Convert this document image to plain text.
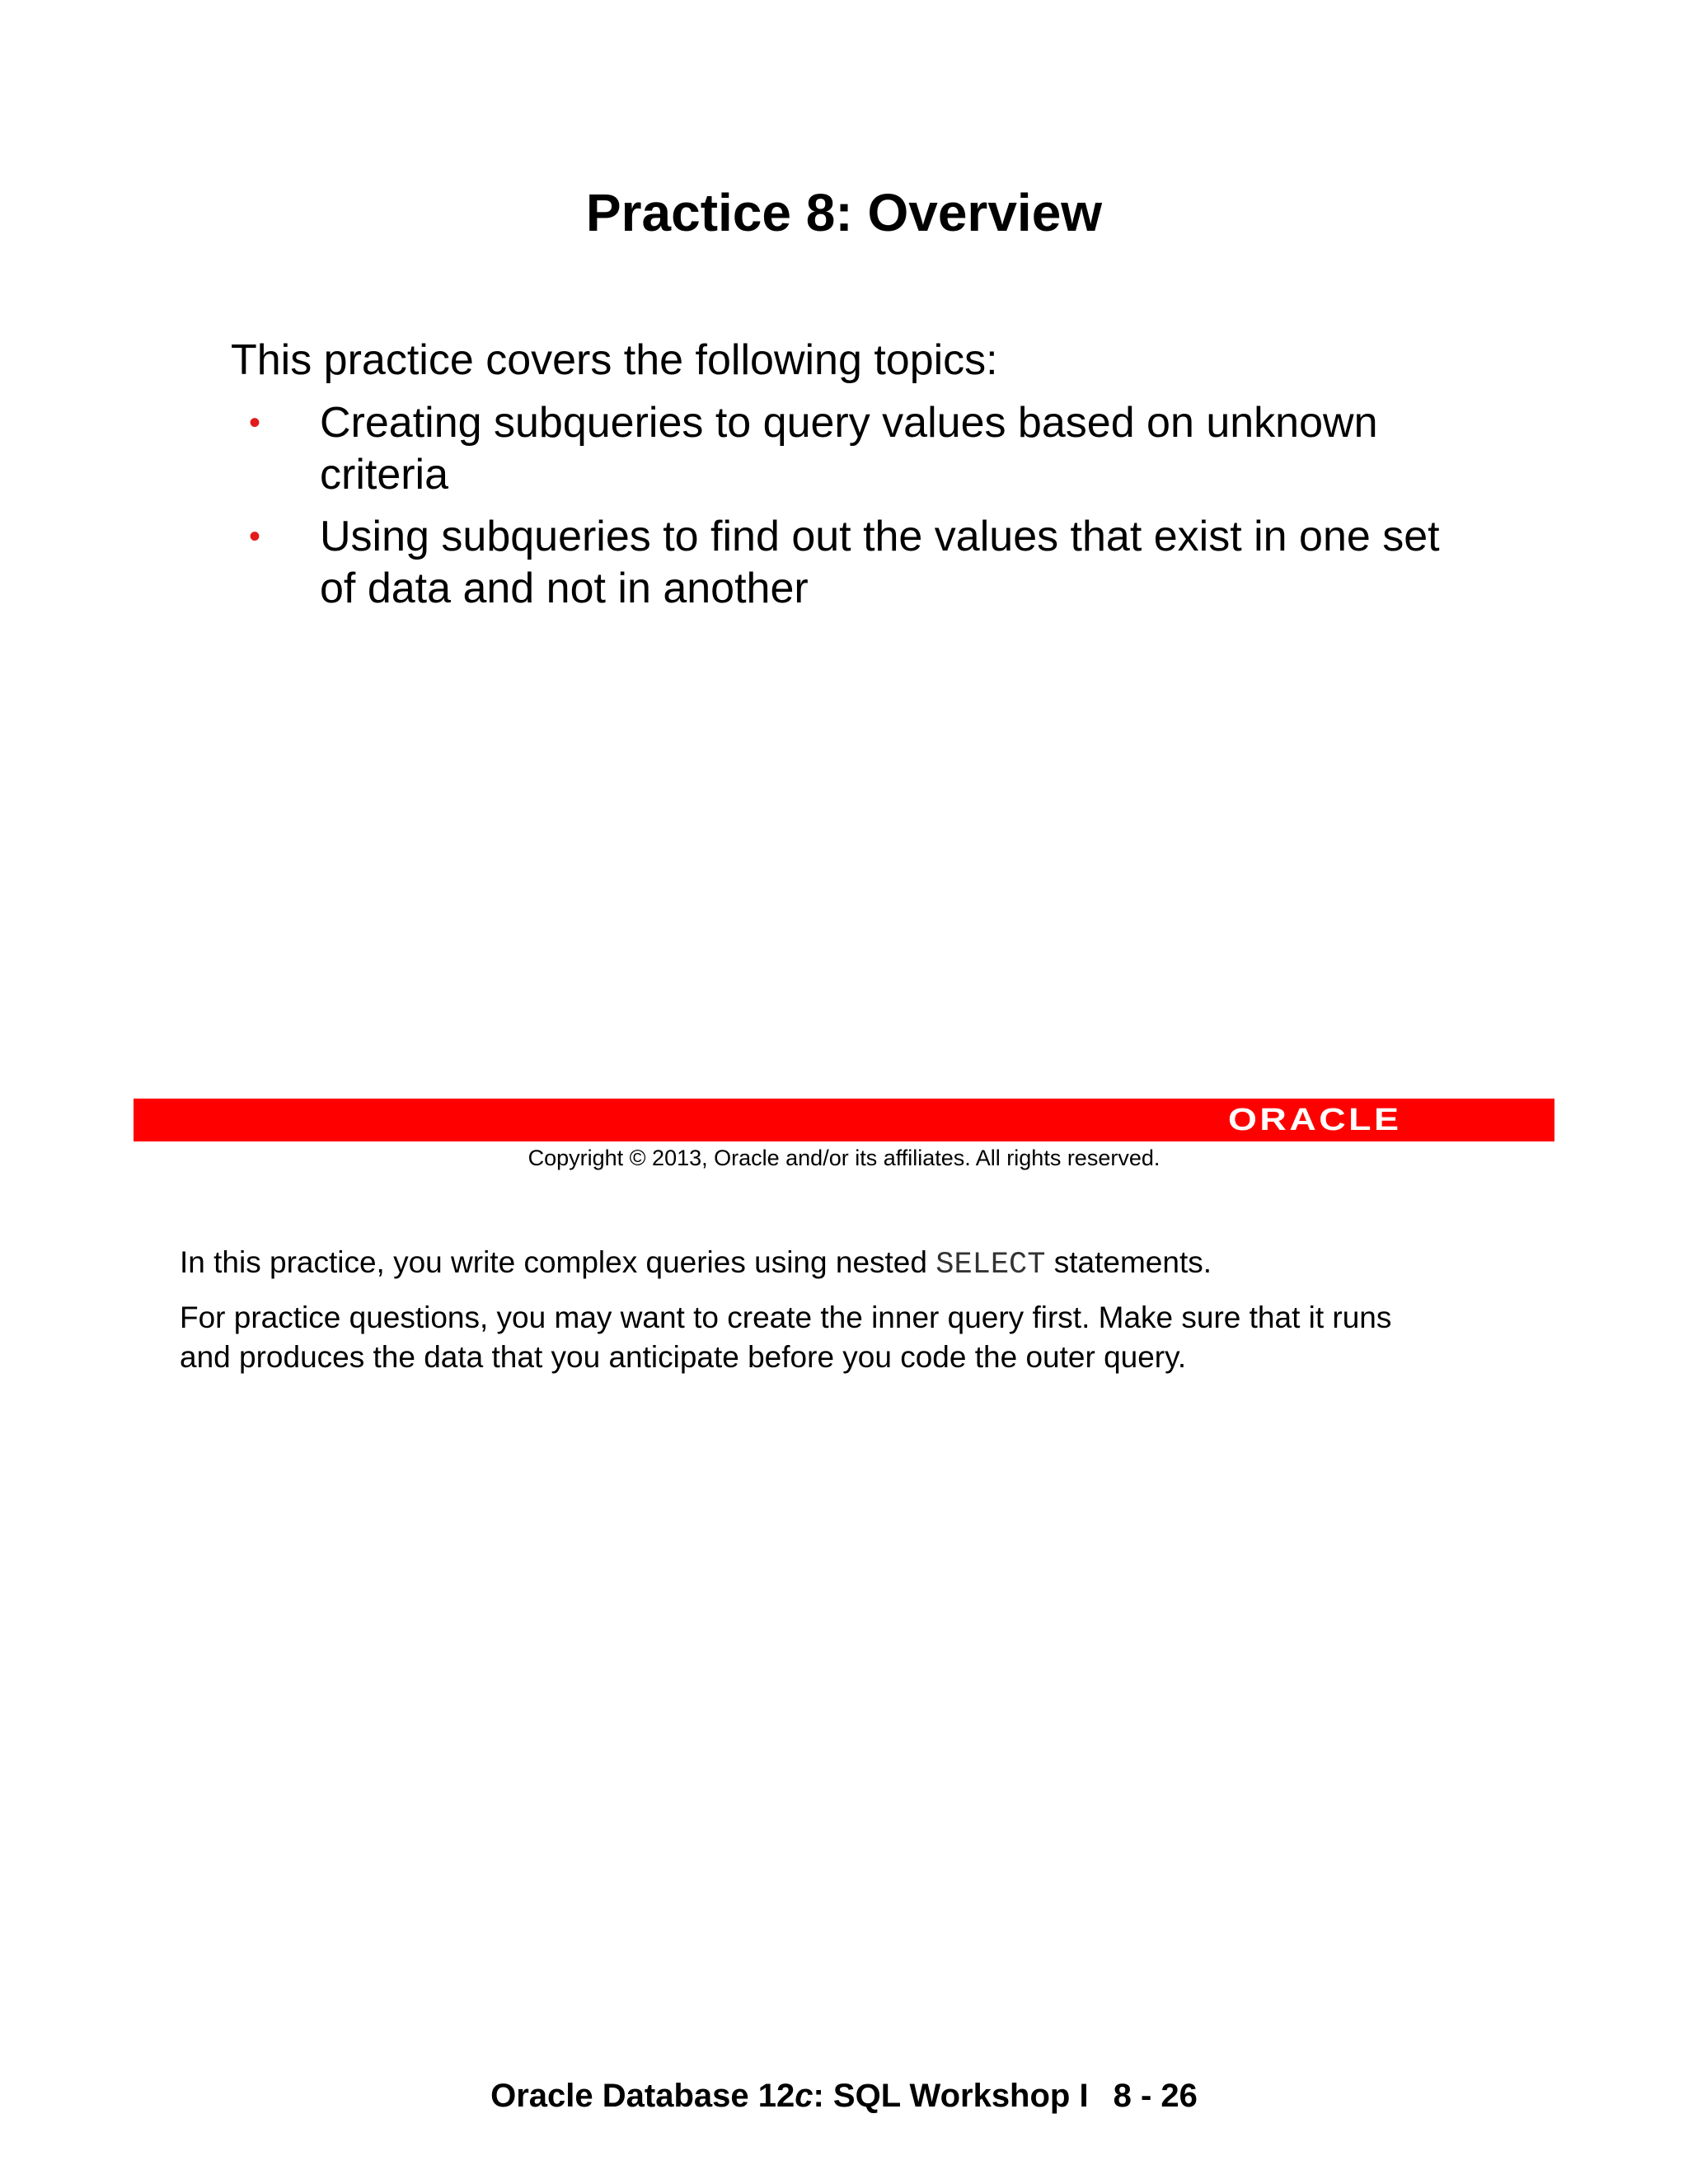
Practice 8: Overview

This practice covers the following topics:

• Creating subqueries to query values based on unknown
criteria
• Using subqueries to find out the values that exist in one set
of data and not in another
ORACLE

Copyright © 2013, Oracle and/or its affiliates. All rights reserved.

In this practice, you write complex queries using nested SELECT statements.

For practice questions, you may want to create the inner query first. Make sure that it runs
and produces the data that you anticipate before you code the outer query.

Oracle Database 12c: SQL Workshop I 8 - 26
